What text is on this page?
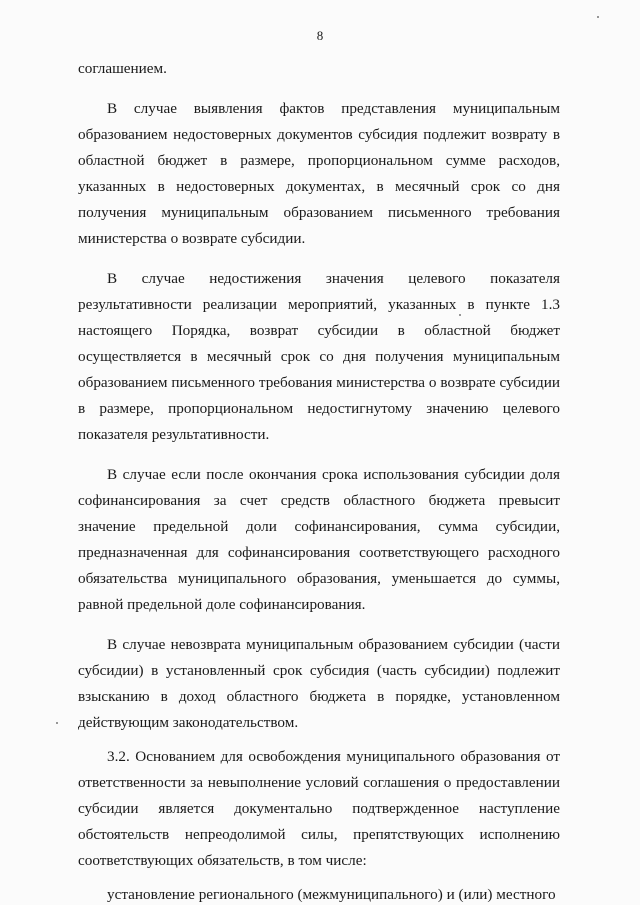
8

соглашением.

В случае выявления фактов представления муниципальным образованием недостоверных документов субсидия подлежит возврату в областной бюджет в размере, пропорциональном сумме расходов, указанных в недостоверных документах, в месячный срок со дня получения муниципальным образованием письменного требования министерства о возврате субсидии.

В случае недостижения значения целевого показателя результативности реализации мероприятий, указанных в пункте 1.3 настоящего Порядка, возврат субсидии в областной бюджет осуществляется в месячный срок со дня получения муниципальным образованием письменного требования министерства о возврате субсидии в размере, пропорциональном недостигнутому значению целевого показателя результативности.

В случае если после окончания срока использования субсидии доля софинансирования за счет средств областного бюджета превысит значение предельной доли софинансирования, сумма субсидии, предназначенная для софинансирования соответствующего расходного обязательства муниципального образования, уменьшается до суммы, равной предельной доле софинансирования.

В случае невозврата муниципальным образованием субсидии (части субсидии) в установленный срок субсидия (часть субсидии) подлежит взысканию в доход областного бюджета в порядке, установленном действующим законодательством.

3.2. Основанием для освобождения муниципального образования от ответственности за невыполнение условий соглашения о предоставлении субсидии является документально подтвержденное наступление обстоятельств непреодолимой силы, препятствующих исполнению соответствующих обязательств, в том числе:

установление регионального (межмуниципального) и (или) местного
